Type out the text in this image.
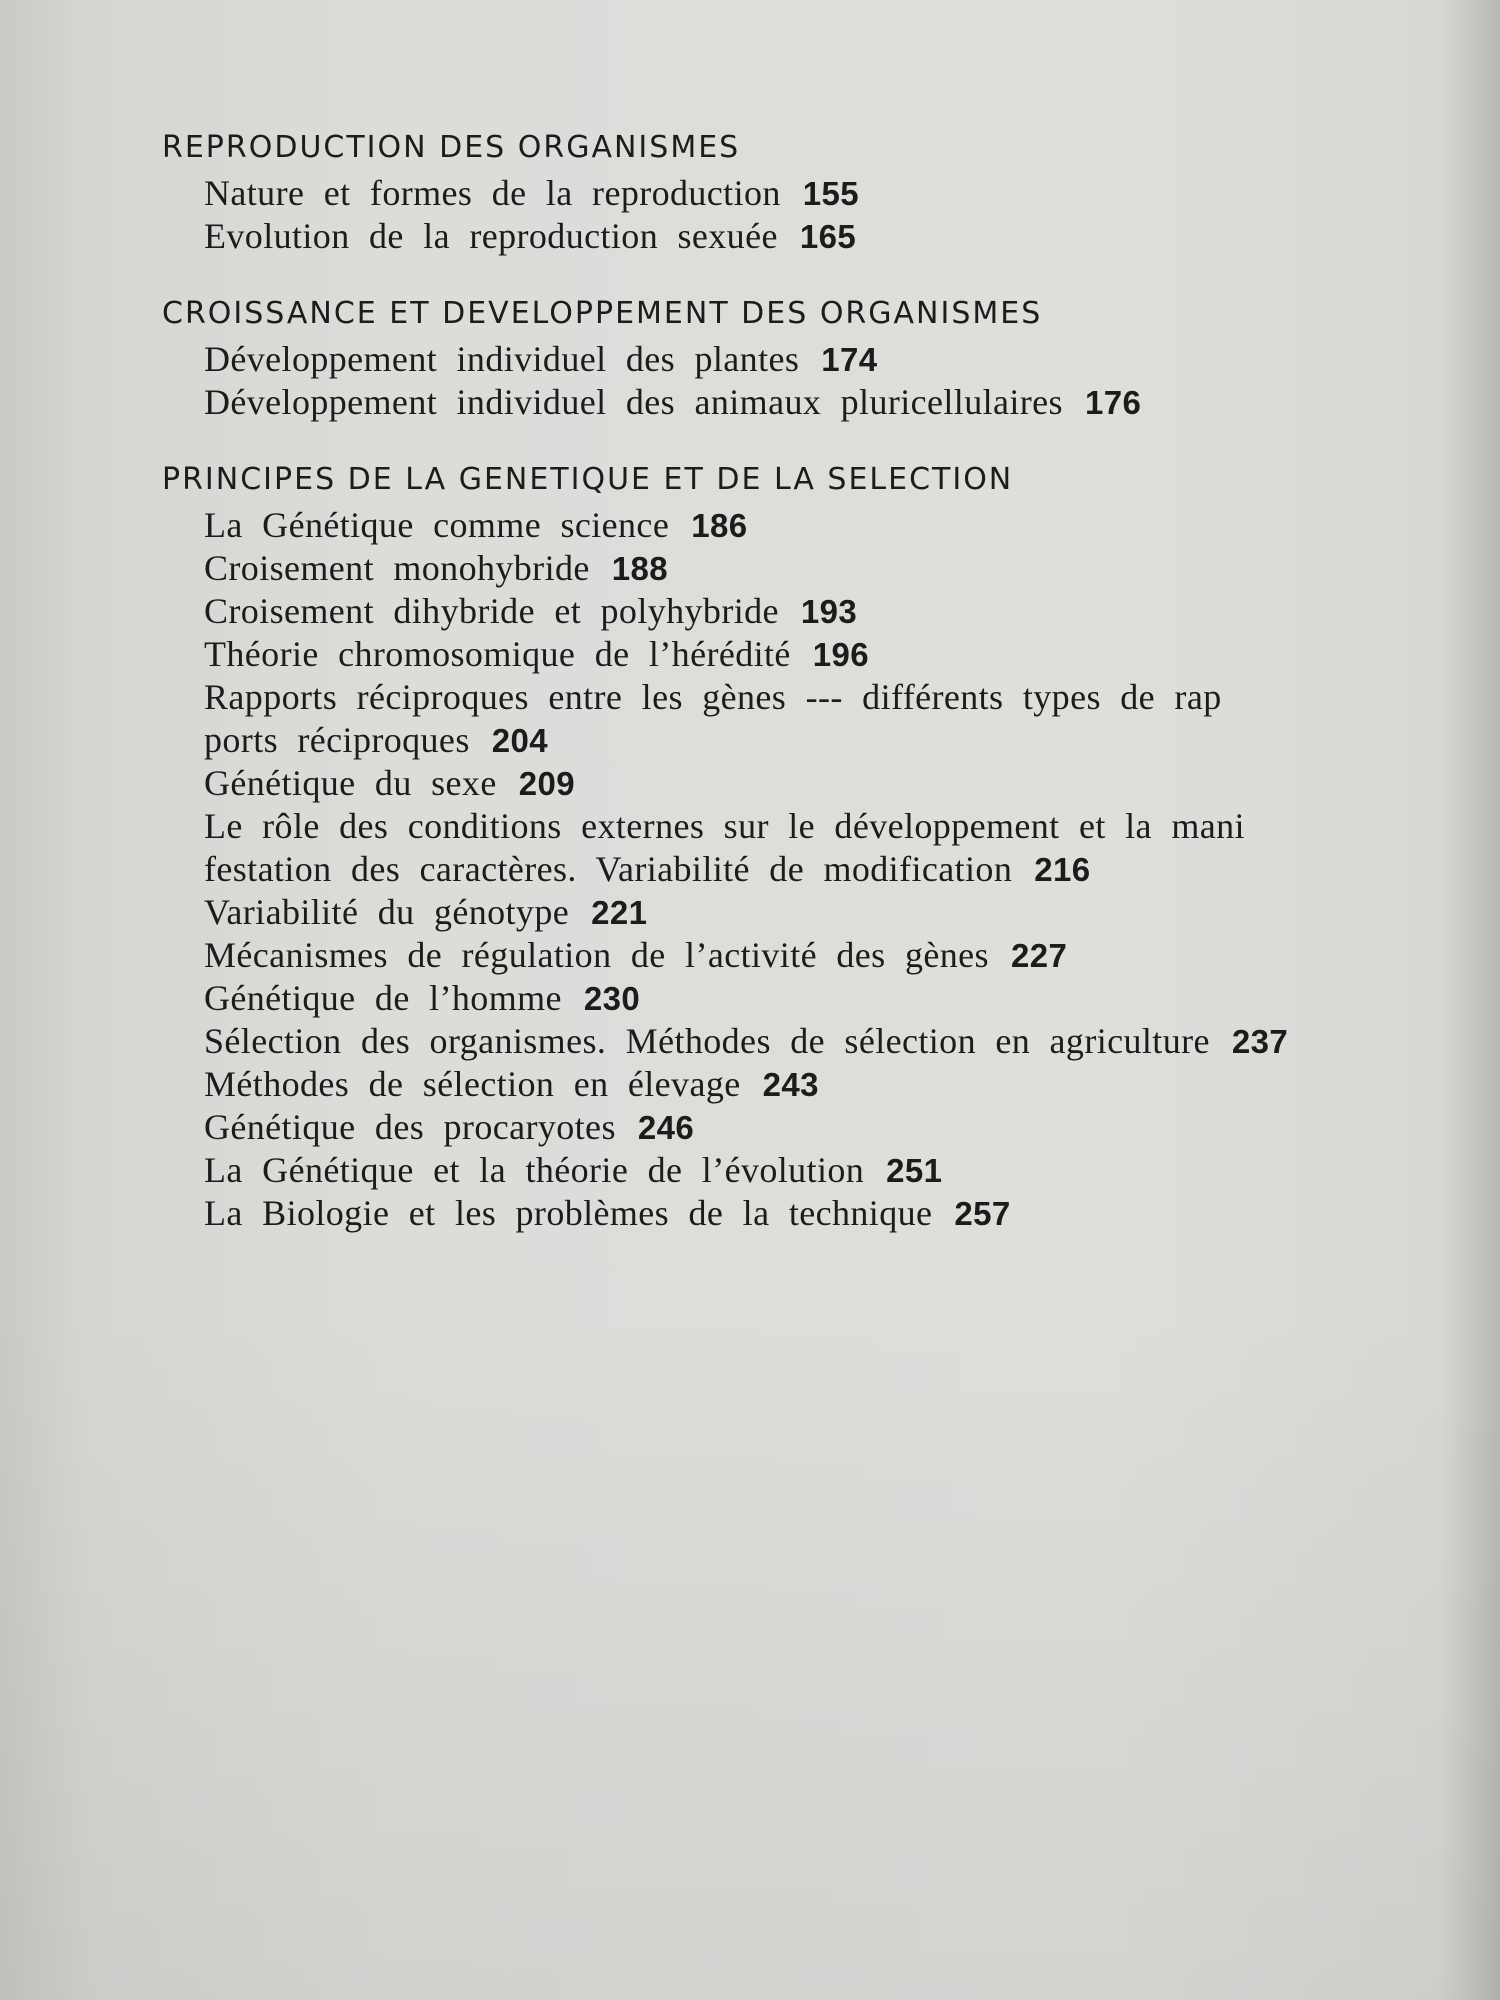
REPRODUCTION DES ORGANISMES
Nature et formes de la reproduction 155
Evolution de la reproduction sexuée 165
CROISSANCE ET DEVELOPPEMENT DES ORGANISMES
Développement individuel des plantes 174
Développement individuel des animaux pluricellulaires 176
PRINCIPES DE LA GENETIQUE ET DE LA SELECTION
La Génétique comme science 186
Croisement monohybride 188
Croisement dihybride et polyhybride 193
Théorie chromosomique de l’hérédité 196
Rapports réciproques entre les gènes --- différents types de rap
ports réciproques 204
Génétique du sexe 209
Le rôle des conditions externes sur le développement et la mani
festation des caractères. Variabilité de modification 216
Variabilité du génotype 221
Mécanismes de régulation de l’activité des gènes 227
Génétique de l’homme 230
Sélection des organismes. Méthodes de sélection en agriculture 237
Méthodes de sélection en élevage 243
Génétique des procaryotes 246
La Génétique et la théorie de l’évolution 251
La Biologie et les problèmes de la technique 257
